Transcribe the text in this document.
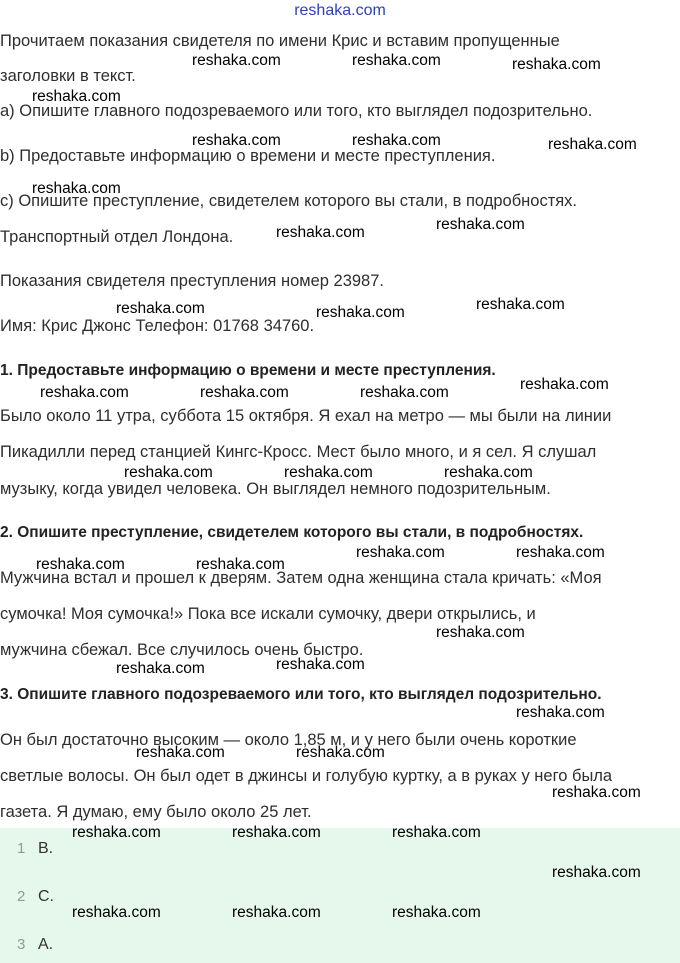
reshaka.com

Прочитаем показания свидетеля по имени Крис и вставим пропущенные

заголовки в текст.

a) Опишите главного подозреваемого или того, кто выглядел подозрительно.

b) Предоставьте информацию о времени и месте преступления.

c) Опишите преступление, свидетелем которого вы стали, в подробностях.

Транспортный отдел Лондона.

Показания свидетеля преступления номер 23987.

Имя: Крис Джонс Телефон: 01768 34760.

1. Предоставьте информацию о времени и месте преступления.

Было около 11 утра, суббота 15 октября. Я ехал на метро — мы были на линии

Пикадилли перед станцией Кингс-Кросс. Мест было много, и я сел. Я слушал

музыку, когда увидел человека. Он выглядел немного подозрительным.

2. Опишите преступление, свидетелем которого вы стали, в подробностях.

Мужчина встал и прошел к дверям. Затем одна женщина стала кричать: «Моя

сумочка! Моя сумочка!» Пока все искали сумочку, двери открылись, и

мужчина сбежал. Все случилось очень быстро.

3. Опишите главного подозреваемого или того, кто выглядел подозрительно.

Он был достаточно высоким — около 1,85 м, и у него были очень короткие

светлые волосы. Он был одет в джинсы и голубую куртку, а в руках у него была

газета. Я думаю, ему было около 25 лет.

1 B.
2 C.
3 A.
reshaka.com	reshaka.com	reshaka.com
reshaka.com
reshaka.com	reshaka.com	reshaka.com
reshaka.com
reshaka.com	reshaka.com
reshaka.com	reshaka.com
reshaka.com
reshaka.com	reshaka.com	reshaka.com	reshaka.com
reshaka.com	reshaka.com	reshaka.com
reshaka.com	reshaka.com
reshaka.com	reshaka.com
reshaka.com
reshaka.com	reshaka.com
reshaka.com
reshaka.com	reshaka.com
reshaka.com
reshaka.com	reshaka.com	reshaka.com
reshaka.com
reshaka.com	reshaka.com	reshaka.com
